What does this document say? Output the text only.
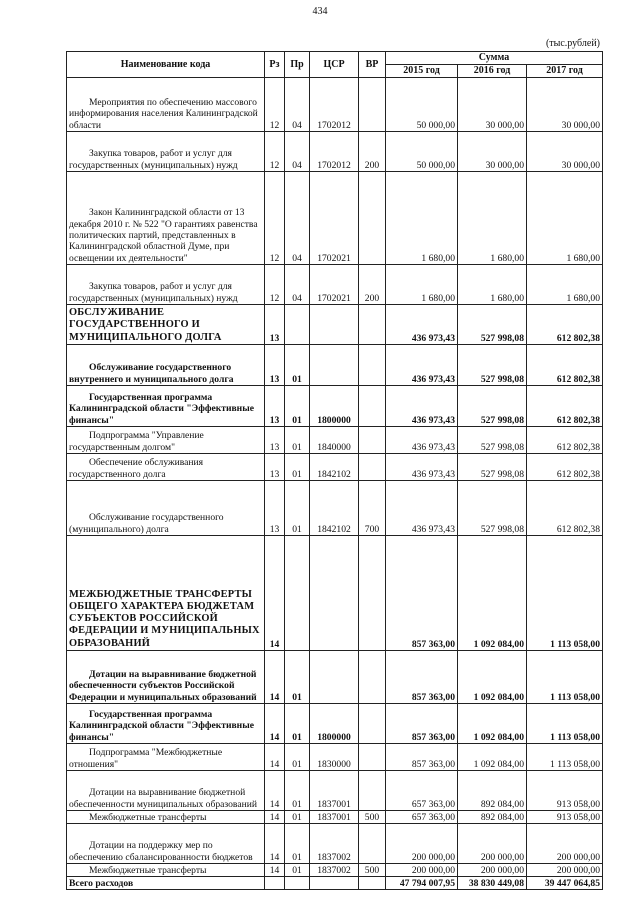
434
(тыс.рублей)
Наименование кода	Рз	Пр	ЦСР	ВР	Сумма		
					2015 год	2016 год	2017 год
Мероприятия по обеспечению массового информирования населения Калининградской области	12	04	1702012		50 000,00	30 000,00	30 000,00
Закупка товаров, работ и услуг для государственных (муниципальных) нужд	12	04	1702012	200	50 000,00	30 000,00	30 000,00
Закон Калининградской области от 13 декабря 2010 г. № 522 "О гарантиях равенства политических партий, представленных в Калининградской областной Думе, при освещении их деятельности"	12	04	1702021		1 680,00	1 680,00	1 680,00
Закупка товаров, работ и услуг для государственных (муниципальных) нужд	12	04	1702021	200	1 680,00	1 680,00	1 680,00
ОБСЛУЖИВАНИЕ ГОСУДАРСТВЕННОГО И МУНИЦИПАЛЬНОГО ДОЛГА	13				436 973,43	527 998,08	612 802,38
Обслуживание государственного внутреннего и муниципального долга	13	01			436 973,43	527 998,08	612 802,38
Государственная программа Калининградской области "Эффективные финансы"	13	01	1800000		436 973,43	527 998,08	612 802,38
Подпрограмма "Управление государственным долгом"	13	01	1840000		436 973,43	527 998,08	612 802,38
Обеспечение обслуживания государственного долга	13	01	1842102		436 973,43	527 998,08	612 802,38
Обслуживание государственного (муниципального) долга	13	01	1842102	700	436 973,43	527 998,08	612 802,38
МЕЖБЮДЖЕТНЫЕ ТРАНСФЕРТЫ ОБЩЕГО ХАРАКТЕРА БЮДЖЕТАМ СУБЪЕКТОВ РОССИЙСКОЙ ФЕДЕРАЦИИ И МУНИЦИПАЛЬНЫХ ОБРАЗОВАНИЙ	14				857 363,00	1 092 084,00	1 113 058,00
Дотации на выравнивание бюджетной обеспеченности субъектов Российской Федерации и муниципальных образований	14	01			857 363,00	1 092 084,00	1 113 058,00
Государственная программа Калининградской области "Эффективные финансы"	14	01	1800000		857 363,00	1 092 084,00	1 113 058,00
Подпрограмма "Межбюджетные отношения"	14	01	1830000		857 363,00	1 092 084,00	1 113 058,00
Дотации на выравнивание бюджетной обеспеченности муниципальных образований	14	01	1837001		657 363,00	892 084,00	913 058,00
Межбюджетные трансферты	14	01	1837001	500	657 363,00	892 084,00	913 058,00
Дотации на поддержку мер по обеспечению сбалансированности бюджетов	14	01	1837002		200 000,00	200 000,00	200 000,00
Межбюджетные трансферты	14	01	1837002	500	200 000,00	200 000,00	200 000,00
Всего расходов					47 794 007,95	38 830 449,08	39 447 064,85
